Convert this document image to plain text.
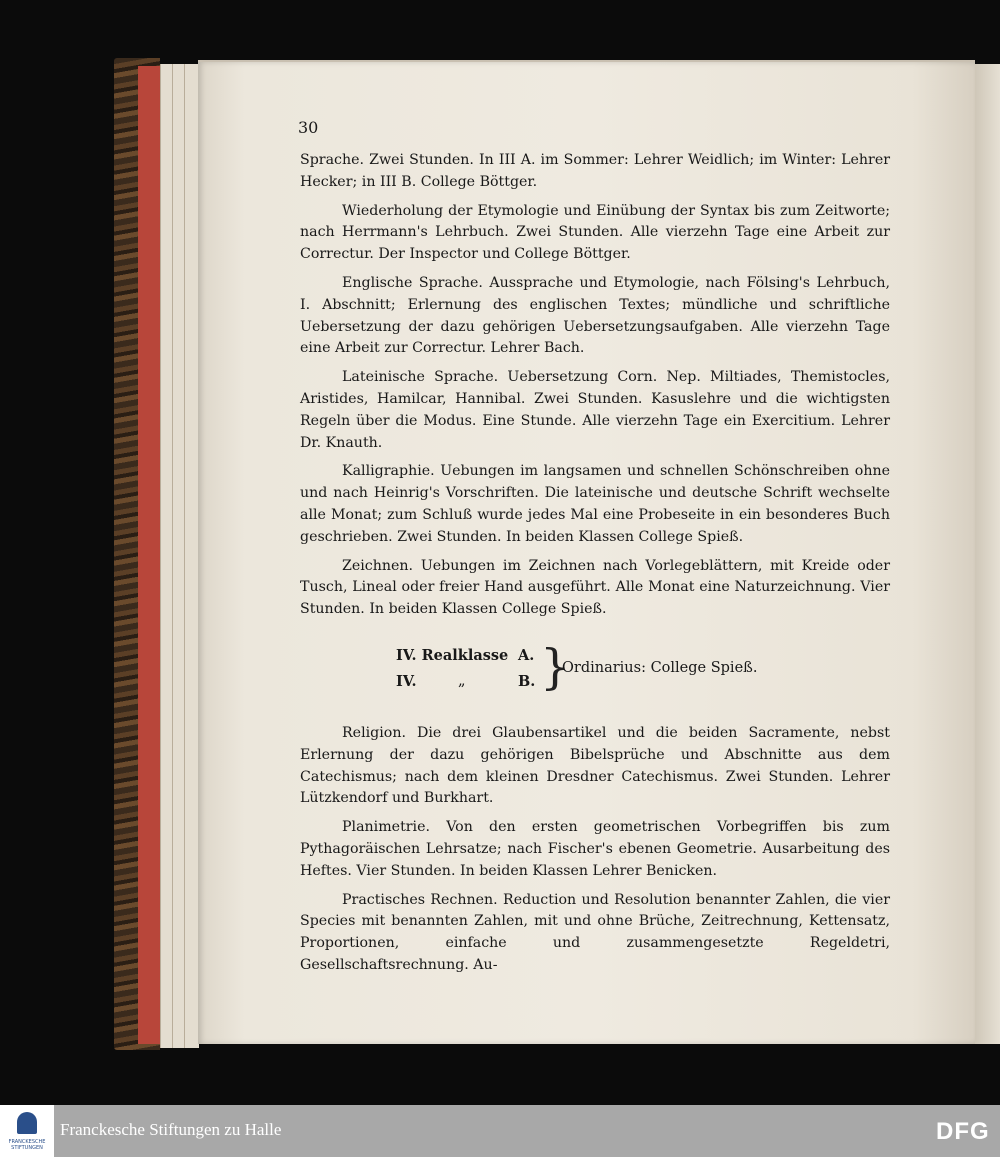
30

Sprache. Zwei Stunden. In III A. im Sommer: Lehrer Weidlich; im Winter: Lehrer Hecker; in III B. College Böttger.

Wiederholung der Etymologie und Einübung der Syntax bis zum Zeitworte; nach Herrmann's Lehrbuch. Zwei Stunden. Alle vierzehn Tage eine Arbeit zur Correctur. Der Inspector und College Böttger.

Englische Sprache. Aussprache und Etymologie, nach Fölsing's Lehrbuch, I. Abschnitt; Erlernung des englischen Textes; mündliche und schriftliche Uebersetzung der dazu gehörigen Uebersetzungsaufgaben. Alle vierzehn Tage eine Arbeit zur Correctur. Lehrer Bach.

Lateinische Sprache. Uebersetzung Corn. Nep. Miltiades, Themistocles, Aristides, Hamilcar, Hannibal. Zwei Stunden. Kasuslehre und die wichtigsten Regeln über die Modus. Eine Stunde. Alle vierzehn Tage ein Exercitium. Lehrer Dr. Knauth.

Kalligraphie. Uebungen im langsamen und schnellen Schönschreiben ohne und nach Heinrig's Vorschriften. Die lateinische und deutsche Schrift wechselte alle Monat; zum Schluß wurde jedes Mal eine Probeseite in ein besonderes Buch geschrieben. Zwei Stunden. In beiden Klassen College Spieß.

Zeichnen. Uebungen im Zeichnen nach Vorlegeblättern, mit Kreide oder Tusch, Lineal oder freier Hand ausgeführt. Alle Monat eine Naturzeichnung. Vier Stunden. In beiden Klassen College Spieß.

IV. Realklasse A.
IV.	„	B. }
Ordinarius: College Spieß.

Religion. Die drei Glaubensartikel und die beiden Sacramente, nebst Erlernung der dazu gehörigen Bibelsprüche und Abschnitte aus dem Catechismus; nach dem kleinen Dresdner Catechismus. Zwei Stunden. Lehrer Lützkendorf und Burkhart.

Planimetrie. Von den ersten geometrischen Vorbegriffen bis zum Pythagoräischen Lehrsatze; nach Fischer's ebenen Geometrie. Ausarbeitung des Heftes. Vier Stunden. In beiden Klassen Lehrer Benicken.

Practisches Rechnen. Reduction und Resolution benannter Zahlen, die vier Species mit benannten Zahlen, mit und ohne Brüche, Zeitrechnung, Kettensatz, Proportionen, einfache und zusammengesetzte Regeldetri, Gesellschaftsrechnung. Au-

FRANCKESCHE STIFTUNGEN
Franckesche Stiftungen zu Halle	DFG
